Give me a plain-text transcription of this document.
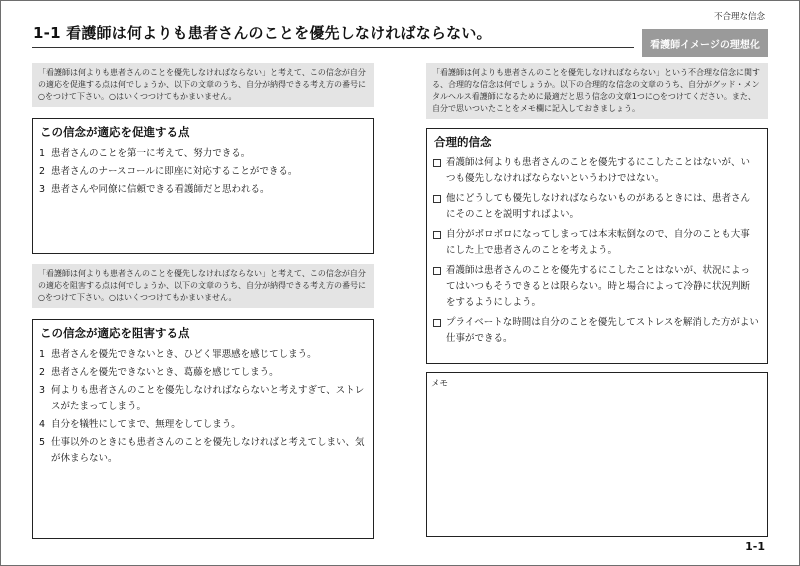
不合理な信念
1-1 看護師は何よりも患者さんのことを優先しなければならない。
看護師イメージの理想化
「看護師は何よりも患者さんのことを優先しなければならない」と考えて、この信念が自分の適応を促進する点は何でしょうか、以下の文章のうち、自分が納得できる考え方の番号に○をつけて下さい。○はいくつつけてもかまいません。
この信念が適応を促進する点
1 患者さんのことを第一に考えて、努力できる。
2 患者さんのナースコールに即座に対応することができる。
3 患者さんや同僚に信頼できる看護師だと思われる。
「看護師は何よりも患者さんのことを優先しなければならない」と考えて、この信念が自分の適応を阻害する点は何でしょうか、以下の文章のうち、自分が納得できる考え方の番号に○をつけて下さい。○はいくつつけてもかまいません。
この信念が適応を阻害する点
1 患者さんを優先できないとき、ひどく罪悪感を感じてしまう。
2 患者さんを優先できないとき、葛藤を感じてしまう。
3 何よりも患者さんのことを優先しなければならないと考えすぎて、ストレスがたまってしまう。
4 自分を犠牲にしてまで、無理をしてしまう。
5 仕事以外のときにも患者さんのことを優先しなければと考えてしまい、気が休まらない。
「看護師は何よりも患者さんのことを優先しなければならない」という不合理な信念に関する、合理的な信念は何でしょうか。以下の合理的な信念の文章のうち、自分がグッド・メンタルヘルス看護師になるために最適だと思う信念の文章1つに○をつけてください。また、自分で思いついたことをメモ欄に記入しておきましょう。
合理的信念
看護師は何よりも患者さんのことを優先するにこしたことはないが、いつも優先しなければならないというわけではない。
他にどうしても優先しなければならないものがあるときには、患者さんにそのことを説明すればよい。
自分がボロボロになってしまっては本末転倒なので、自分のことも大事にした上で患者さんのことを考えよう。
看護師は患者さんのことを優先するにこしたことはないが、状況によってはいつもそうできるとは限らない。時と場合によって冷静に状況判断をするようにしよう。
プライベートな時間は自分のことを優先してストレスを解消した方がよい仕事ができる。
メモ
1-1
